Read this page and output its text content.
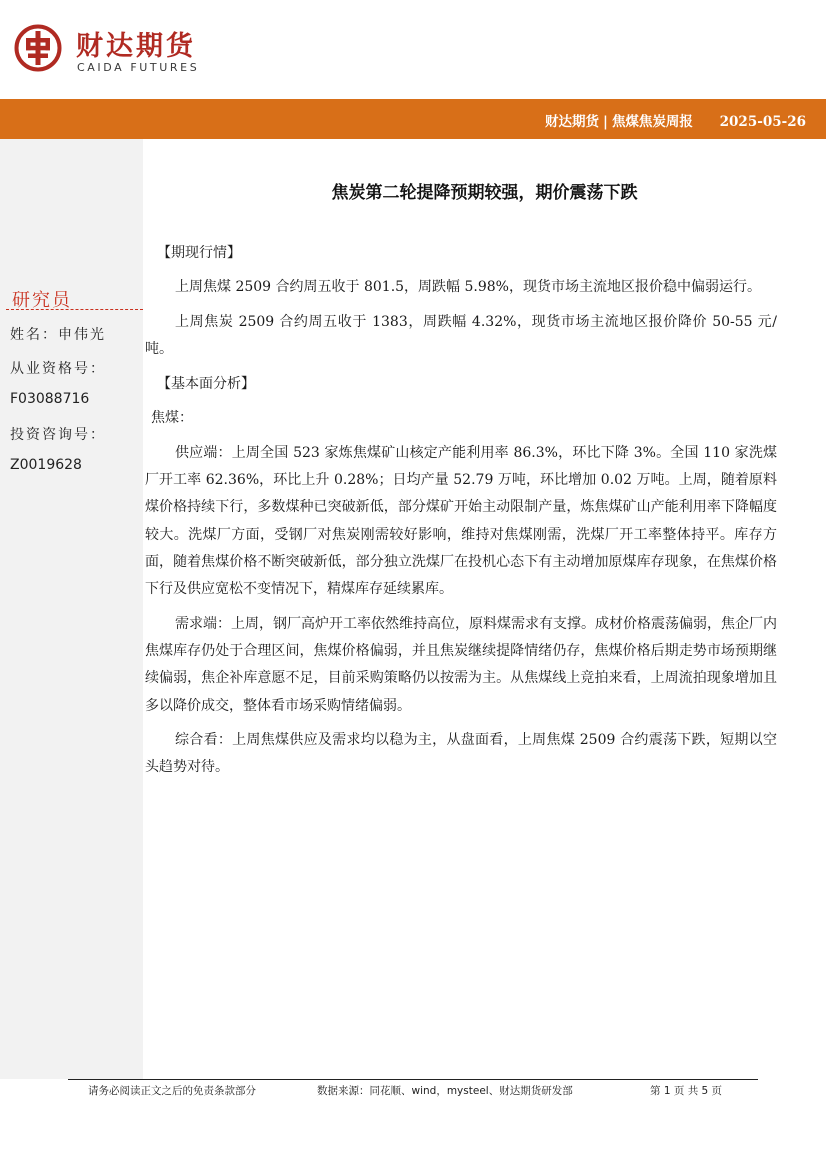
财达期货
CAIDA FUTURES
财达期货 | 焦煤焦炭周报 2025-05-26
研究员
姓名：申伟光
从业资格号：
F03088716
投资咨询号：
Z0019628
焦炭第二轮提降预期较强，期价震荡下跌

【期现行情】

上周焦煤 2509 合约周五收于 801.5，周跌幅 5.98%，现货市场主流地区报价稳中偏弱运行。

上周焦炭 2509 合约周五收于 1383，周跌幅 4.32%，现货市场主流地区报价降价 50-55 元/吨。

【基本面分析】

焦煤：

供应端：上周全国 523 家炼焦煤矿山核定产能利用率 86.3%，环比下降 3%。全国 110 家洗煤厂开工率 62.36%，环比上升 0.28%；日均产量 52.79 万吨，环比增加 0.02 万吨。上周，随着原料煤价格持续下行，多数煤种已突破新低，部分煤矿开始主动限制产量，炼焦煤矿山产能利用率下降幅度较大。洗煤厂方面，受钢厂对焦炭刚需较好影响，维持对焦煤刚需，洗煤厂开工率整体持平。库存方面，随着焦煤价格不断突破新低，部分独立洗煤厂在投机心态下有主动增加原煤库存现象，在焦煤价格下行及供应宽松不变情况下，精煤库存延续累库。

需求端：上周，钢厂高炉开工率依然维持高位，原料煤需求有支撑。成材价格震荡偏弱，焦企厂内焦煤库存仍处于合理区间，焦煤价格偏弱，并且焦炭继续提降情绪仍存，焦煤价格后期走势市场预期继续偏弱，焦企补库意愿不足，目前采购策略仍以按需为主。从焦煤线上竞拍来看，上周流拍现象增加且多以降价成交，整体看市场采购情绪偏弱。

综合看：上周焦煤供应及需求均以稳为主，从盘面看，上周焦煤 2509 合约震荡下跌，短期以空头趋势对待。

请务必阅读正文之后的免责条款部分	数据来源：同花顺、wind，mysteel、财达期货研发部	第 1 页 共 5 页
